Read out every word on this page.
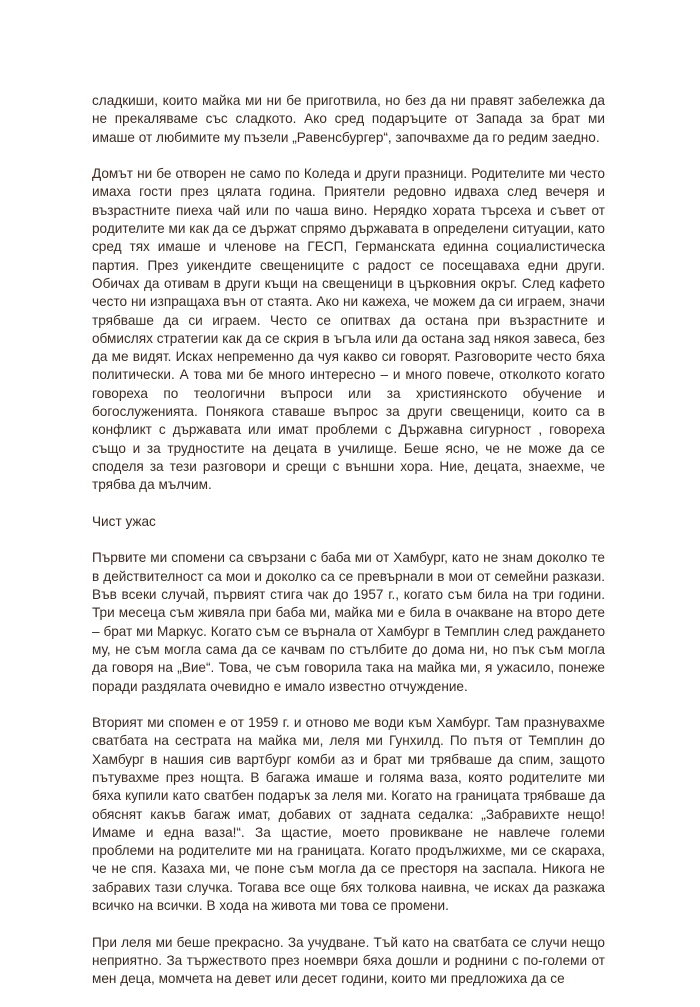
сладкиши, които майка ми ни бе приготвила, но без да ни правят забележка да не прекаляваме със сладкото. Ако сред подаръците от Запада за брат ми имаше от любимите му пъзели „Равенсбургер“, започвахме да го редим заедно.

Домът ни бе отворен не само по Коледа и други празници. Родителите ми често имаха гости през цялата година. Приятели редовно идваха след вечеря и възрастните пиеха чай или по чаша вино. Нерядко хората търсеха и съвет от родителите ми как да се държат спрямо държавата в определени ситуации, като сред тях имаше и членове на ГЕСП, Германската единна социалистическа партия. През уикендите свещениците с радост се посещаваха едни други. Обичах да отивам в други къщи на свещеници в църковния окръг. След кафето често ни изпращаха вън от стаята. Ако ни кажеха, че можем да си играем, значи трябваше да си играем. Често се опитвах да остана при възрастните и обмислях стратегии как да се скрия в ъгъла или да остана зад някоя завеса, без да ме видят. Исках непременно да чуя какво си говорят. Разговорите често бяха политически. А това ми бе много интересно – и много повече, отколкото когато говореха по теологични въпроси или за християнското обучение и богослуженията. Понякога ставаше въпрос за други свещеници, които са в конфликт с държавата или имат проблеми с Държавна сигурност , говореха също и за трудностите на децата в училище. Беше ясно, че не може да се споделя за тези разговори и срещи с външни хора. Ние, децата, знаехме, че трябва да мълчим.

Чист ужас

Първите ми спомени са свързани с баба ми от Хамбург, като не знам доколко те в действителност са мои и доколко са се превърнали в мои от семейни разкази. Във всеки случай, първият стига чак до 1957 г., когато съм била на три години. Три месеца съм живяла при баба ми, майка ми е била в очакване на второ дете – брат ми Маркус. Когато съм се върнала от Хамбург в Темплин след раждането му, не съм могла сама да се качвам по стълбите до дома ни, но пък съм могла да говоря на „Вие“. Това, че съм говорила така на майка ми, я ужасило, понеже поради раздялата очевидно е имало известно отчуждение.

Вторият ми спомен е от 1959 г. и отново ме води към Хамбург. Там празнувахме сватбата на сестрата на майка ми, леля ми Гунхилд. По пътя от Темплин до Хамбург в нашия сив вартбург комби аз и брат ми трябваше да спим, защото пътувахме през нощта. В багажа имаше и голяма ваза, която родителите ми бяха купили като сватбен подарък за леля ми. Когато на границата трябваше да обяснят какъв багаж имат, добавих от задната седалка: „Забравихте нещо! Имаме и една ваза!“. За щастие, моето провикване не навлече големи проблеми на родителите ми на границата. Когато продължихме, ми се скараха, че не спя. Казаха ми, че поне съм могла да се престоря на заспала. Никога не забравих тази случка. Тогава все още бях толкова наивна, че исках да разкажа всичко на всички. В хода на живота ми това се промени.

При леля ми беше прекрасно. За учудване. Тъй като на сватбата се случи нещо неприятно. За тържеството през ноември бяха дошли и роднини с по-големи от мен деца, момчета на девет или десет години, които ми предложиха да се
